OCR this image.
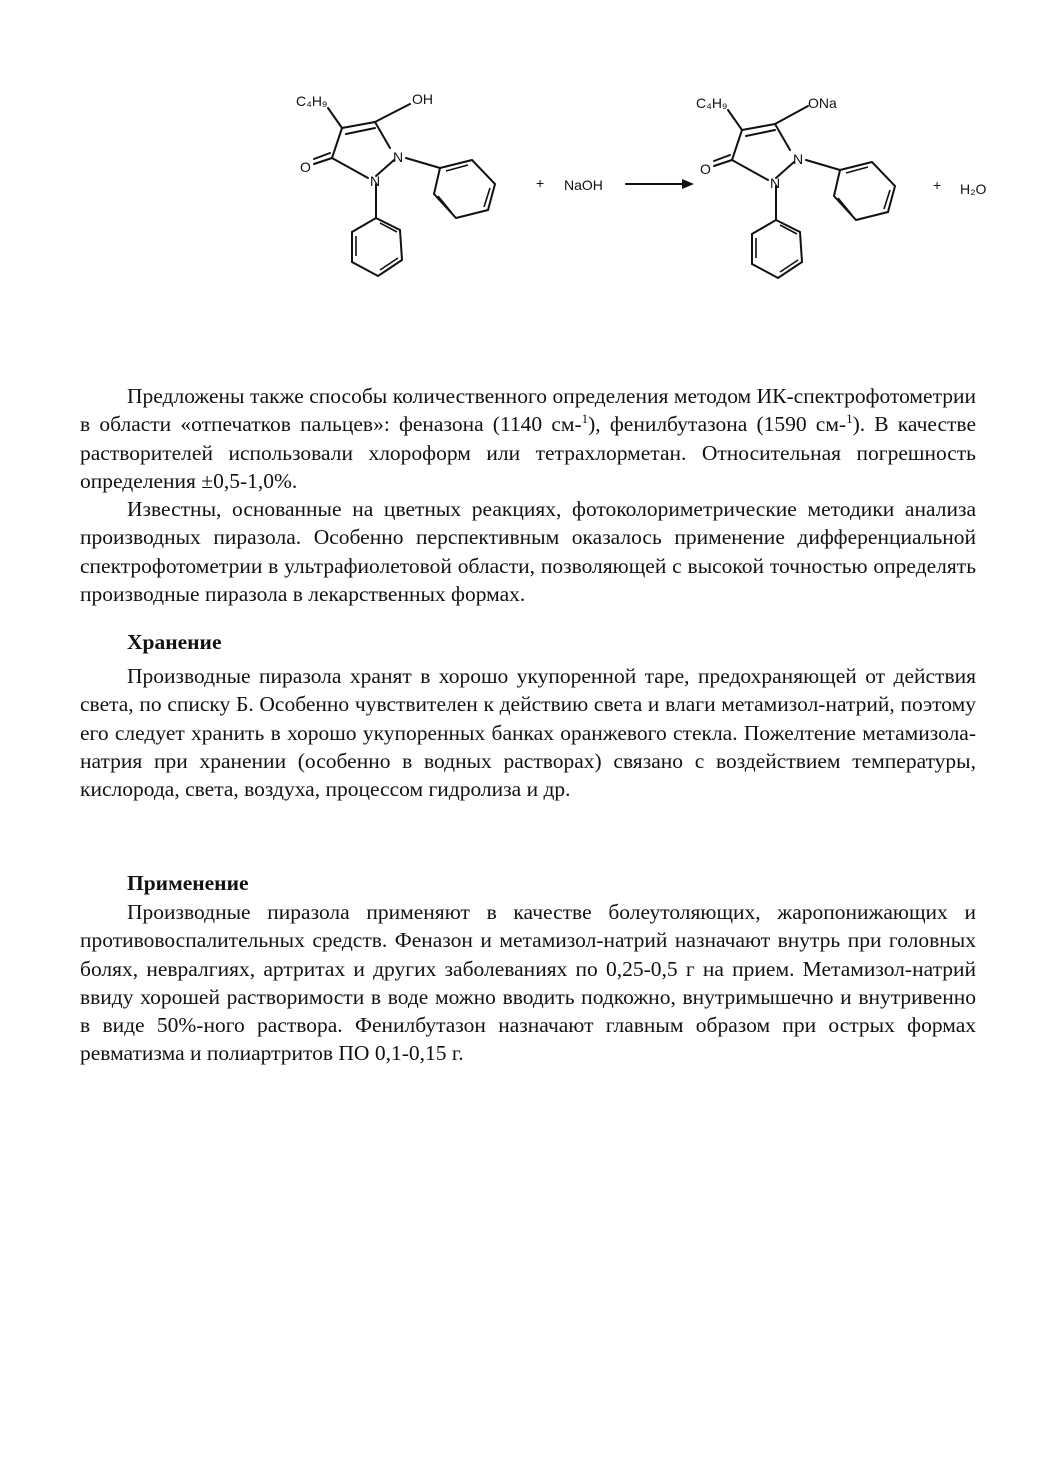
C₄H₉	OH
O
N
N	+ NaOH
C₄H₉	ONa
O
N
N	+ H₂O

Предложены также способы количественного определения методом ИК-спектрофотометрии в области «отпечатков пальцев»: феназона (1140 см-$^1$), фенилбутазона (1590 см-$^1$). В качестве растворителей использовали хлороформ или тетрахлорметан. Относительная погрешность определения ±0,5-1,0%.

Известны, основанные на цветных реакциях, фотоколориметрические методики анализа производных пиразола. Особенно перспективным оказалось применение дифференциальной спектрофотометрии в ультрафиолетовой области, позволяющей с высокой точностью определять производные пиразола в лекарственных формах.

Хранение

Производные пиразола хранят в хорошо укупоренной таре, предохраняющей от действия света, по списку Б. Особенно чувствителен к действию света и влаги метамизол-натрий, поэтому его следует хранить в хорошо укупоренных банках оранжевого стекла. Пожелтение метамизола-натрия при хранении (особенно в водных растворах) связано с воздействием температуры, кислорода, света, воздуха, процессом гидролиза и др.

Применение

Производные пиразола применяют в качестве болеутоляющих, жаропонижающих и противовоспалительных средств. Феназон и метамизол-натрий назначают внутрь при головных болях, невралгиях, артритах и других заболеваниях по 0,25-0,5 г на прием. Метамизол-натрий ввиду хорошей растворимости в воде можно вводить подкожно, внутримышечно и внутривенно в виде 50%-ного раствора. Фенилбутазон назначают главным образом при острых формах ревматизма и полиартритов ПО 0,1-0,15 г.
